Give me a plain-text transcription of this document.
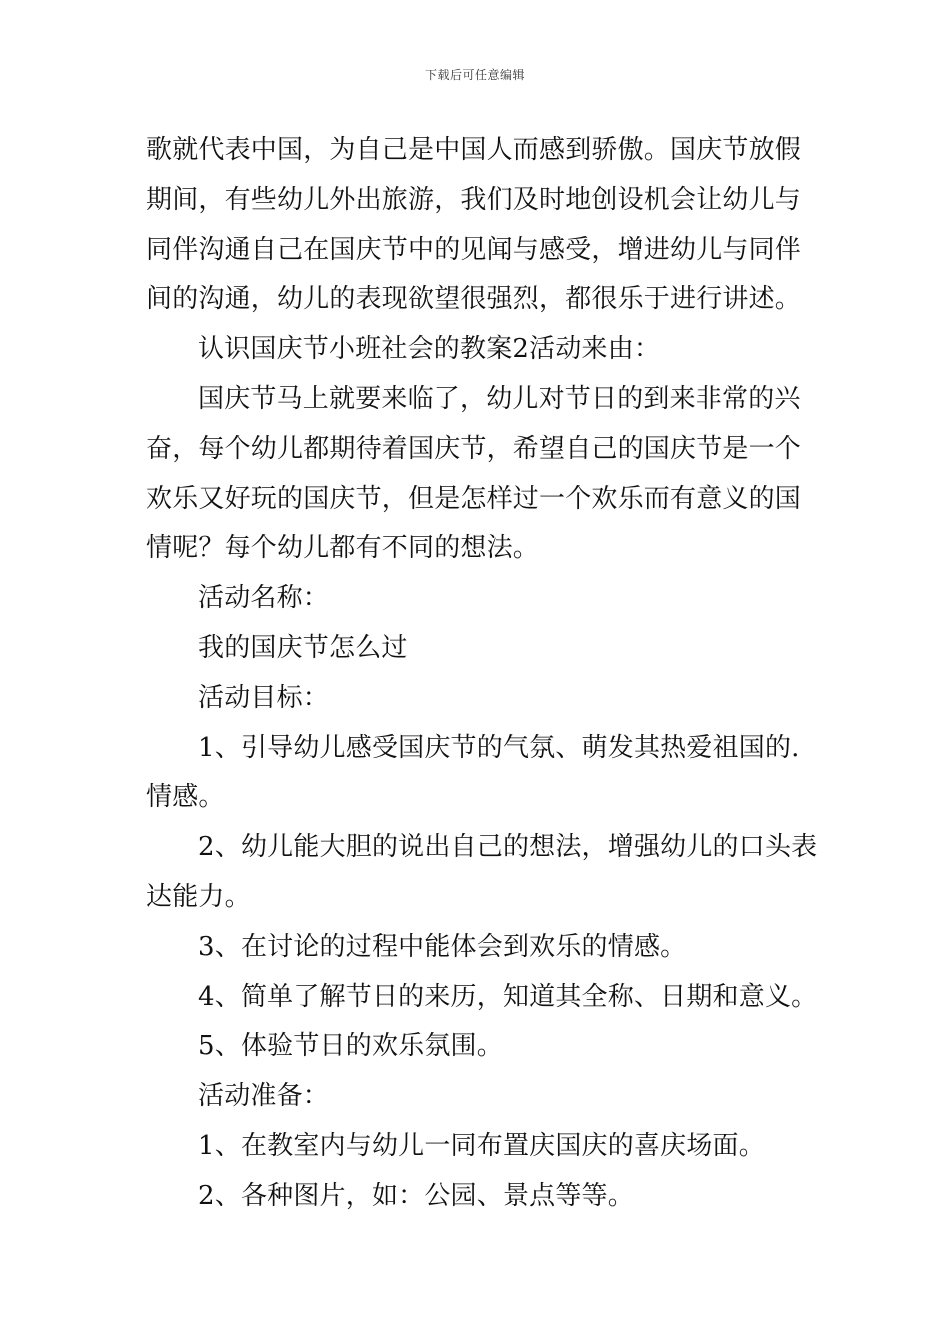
下载后可任意编辑
歌就代表中国，为自己是中国人而感到骄傲。国庆节放假
期间，有些幼儿外出旅游，我们及时地创设机会让幼儿与
同伴沟通自己在国庆节中的见闻与感受，增进幼儿与同伴
间的沟通，幼儿的表现欲望很强烈，都很乐于进行讲述。
认识国庆节小班社会的教案2活动来由：
国庆节马上就要来临了，幼儿对节日的到来非常的兴
奋，每个幼儿都期待着国庆节，希望自己的国庆节是一个
欢乐又好玩的国庆节，但是怎样过一个欢乐而有意义的国
情呢？每个幼儿都有不同的想法。
活动名称：
我的国庆节怎么过
活动目标：
1、引导幼儿感受国庆节的气氛、萌发其热爱祖国的.
情感。
2、幼儿能大胆的说出自己的想法，增强幼儿的口头表
达能力。
3、在讨论的过程中能体会到欢乐的情感。
4、简单了解节日的来历，知道其全称、日期和意义。
5、体验节日的欢乐氛围。
活动准备：
1、在教室内与幼儿一同布置庆国庆的喜庆场面。
2、各种图片，如：公园、景点等等。
